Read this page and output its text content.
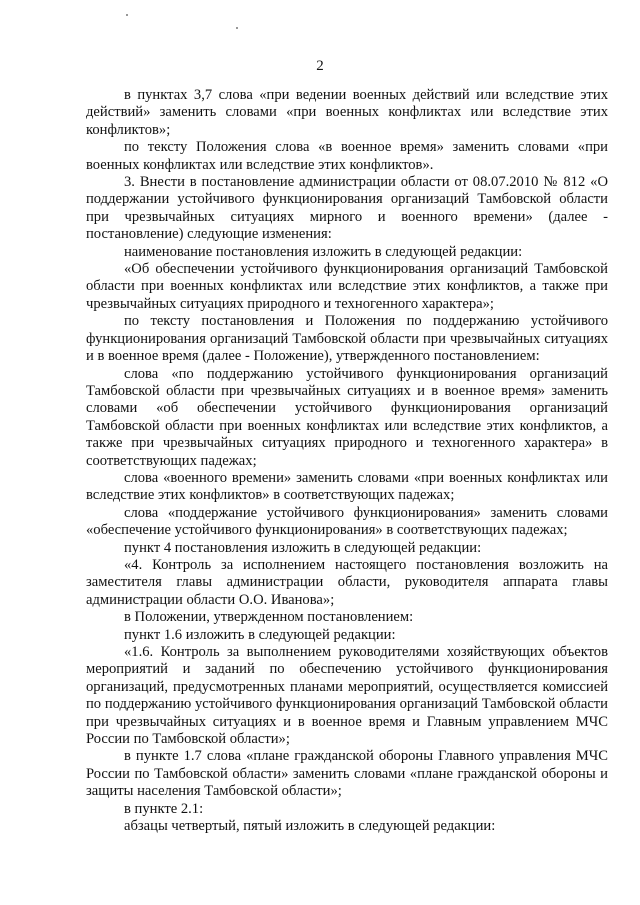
2

в пунктах 3,7 слова «при ведении военных действий или вследствие этих действий» заменить словами «при военных конфликтах или вследствие этих конфликтов»;

по тексту Положения слова «в военное время» заменить словами «при военных конфликтах или вследствие этих конфликтов».

3. Внести в постановление администрации области от 08.07.2010 № 812 «О поддержании устойчивого функционирования организаций Тамбовской области при чрезвычайных ситуациях мирного и военного времени» (далее - постановление) следующие изменения:

наименование постановления изложить в следующей редакции:

«Об обеспечении устойчивого функционирования организаций Тамбовской области при военных конфликтах или вследствие этих конфликтов, а также при чрезвычайных ситуациях природного и техногенного характера»;

по тексту постановления и Положения по поддержанию устойчивого функционирования организаций Тамбовской области при чрезвычайных ситуациях и в военное время (далее - Положение), утвержденного постановлением:

слова «по поддержанию устойчивого функционирования организаций Тамбовской области при чрезвычайных ситуациях и в военное время» заменить словами «об обеспечении устойчивого функционирования организаций Тамбовской области при военных конфликтах или вследствие этих конфликтов, а также при чрезвычайных ситуациях природного и техногенного характера» в соответствующих падежах;

слова «военного времени» заменить словами «при военных конфликтах или вследствие этих конфликтов» в соответствующих падежах;

слова «поддержание устойчивого функционирования» заменить словами «обеспечение устойчивого функционирования» в соответствующих падежах;

пункт 4 постановления изложить в следующей редакции:

«4. Контроль за исполнением настоящего постановления возложить на заместителя главы администрации области, руководителя аппарата главы администрации области О.О. Иванова»;

в Положении, утвержденном постановлением:

пункт 1.6 изложить в следующей редакции:

«1.6. Контроль за выполнением руководителями хозяйствующих объектов мероприятий и заданий по обеспечению устойчивого функционирования организаций, предусмотренных планами мероприятий, осуществляется комиссией по поддержанию устойчивого функционирования организаций Тамбовской области при чрезвычайных ситуациях и в военное время и Главным управлением МЧС России по Тамбовской области»;

в пункте 1.7 слова «плане гражданской обороны Главного управления МЧС России по Тамбовской области» заменить словами «плане гражданской обороны и защиты населения Тамбовской области»;

в пункте 2.1:

абзацы четвертый, пятый изложить в следующей редакции:
